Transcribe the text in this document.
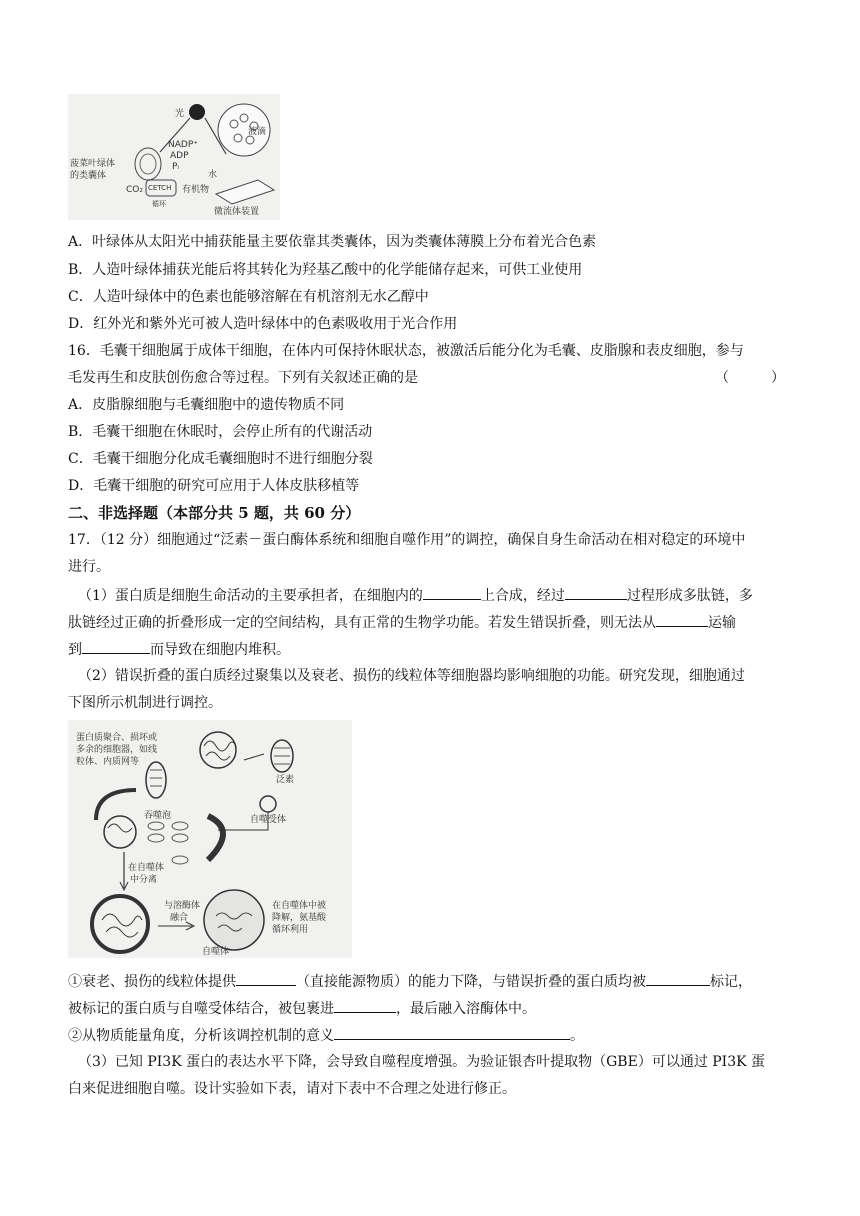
光
液滴
菠菜叶绿体
的类囊体
NADP⁺
ADP
Pᵢ
水
CO₂ CETCH
循环
有机物
微流体装置
A．叶绿体从太阳光中捕获能量主要依靠其类囊体，因为类囊体薄膜上分布着光合色素
B．人造叶绿体捕获光能后将其转化为羟基乙酸中的化学能储存起来，可供工业使用
C．人造叶绿体中的色素也能够溶解在有机溶剂无水乙醇中
D．红外光和紫外光可被人造叶绿体中的色素吸收用于光合作用
16．毛囊干细胞属于成体干细胞，在体内可保持休眠状态，被激活后能分化为毛囊、皮脂腺和表皮细胞，参与
毛发再生和皮肤创伤愈合等过程。下列有关叙述正确的是	（　　　）
A．皮脂腺细胞与毛囊细胞中的遗传物质不同
B．毛囊干细胞在休眠时，会停止所有的代谢活动
C．毛囊干细胞分化成毛囊细胞时不进行细胞分裂
D．毛囊干细胞的研究可应用于人体皮肤移植等
二、非选择题（本部分共 5 题，共 60 分）
17．（12 分）细胞通过“泛素－蛋白酶体系统和细胞自噬作用”的调控，确保自身生命活动在相对稳定的环境中
进行。
（1）蛋白质是细胞生命活动的主要承担者，在细胞内的	上合成，经过	过程形成多肽链，多
肽链经过正确的折叠形成一定的空间结构，具有正常的生物学功能。若发生错误折叠，则无法从	运输
到	而导致在细胞内堆积。
（2）错误折叠的蛋白质经过聚集以及衰老、损伤的线粒体等细胞器均影响细胞的功能。研究发现，细胞通过
下图所示机制进行调控。
蛋白质聚合、损坏或
多余的细胞器，如线
粒体、内质网等
泛素
吞噬泡	自噬受体
在自噬体
中分离
与溶酶体
融合
在自噬体中被
降解，氨基酸
循环利用
自噬体
①衰老、损伤的线粒体提供	（直接能源物质）的能力下降，与错误折叠的蛋白质均被	标记，
被标记的蛋白质与自噬受体结合，被包裹进	，最后融入溶酶体中。
②从物质能量角度，分析该调控机制的意义	。
（3）已知 PI3K 蛋白的表达水平下降，会导致自噬程度增强。为验证银杏叶提取物（GBE）可以通过 PI3K 蛋
白来促进细胞自噬。设计实验如下表，请对下表中不合理之处进行修正。
